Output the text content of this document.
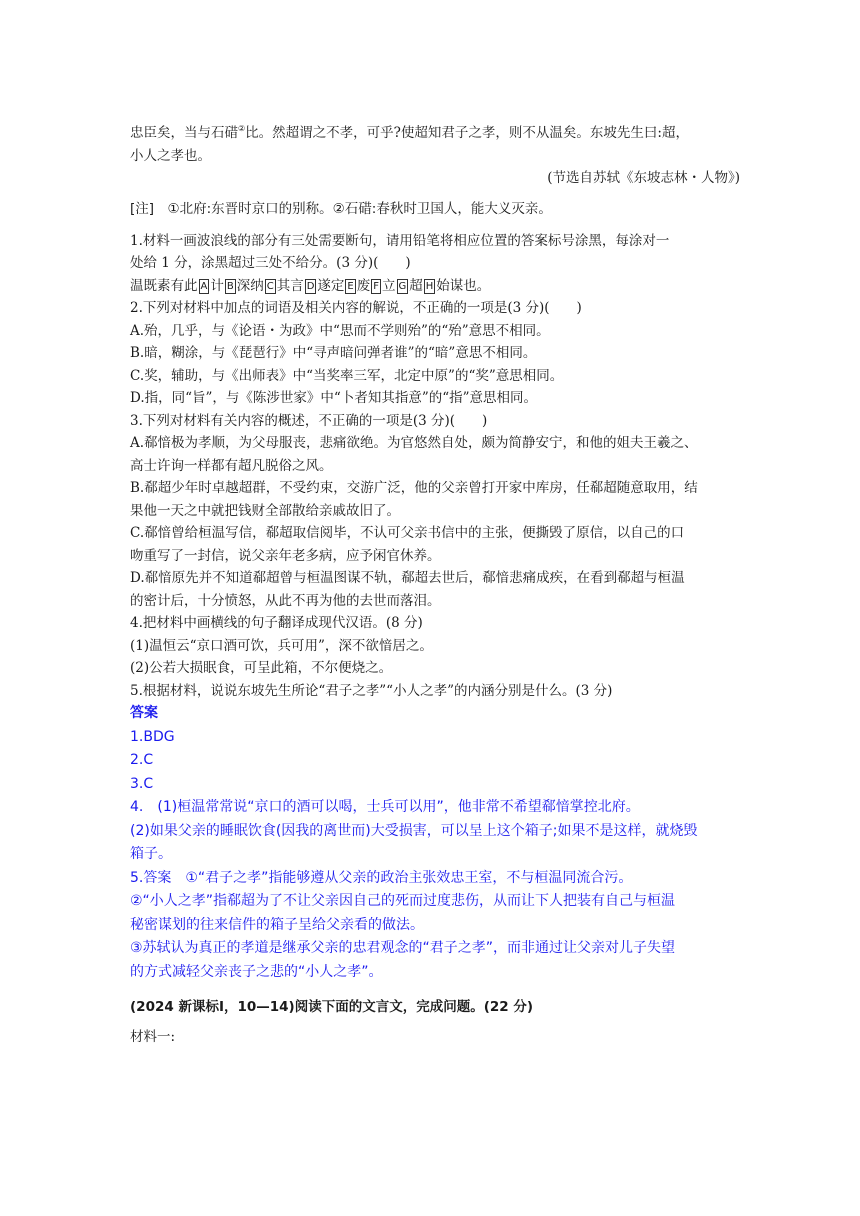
忠臣矣，当与石碏②比。然超谓之不孝，可乎?使超知君子之孝，则不从温矣。东坡先生曰:超，
小人之孝也。
(节选自苏轼《东坡志林・人物》)
[注]　①北府:东晋时京口的别称。②石碏:春秋时卫国人，能大义灭亲。
1.材料一画波浪线的部分有三处需要断句，请用铅笔将相应位置的答案标号涂黑，每涂对一
处给 1 分，涂黑超过三处不给分。(3 分)(　　)
温既素有此 A 计 B 深纳 C 其言 D 遂定 E 废 F 立 G 超 H 始谋也。
2.下列对材料中加点的词语及相关内容的解说，不正确的一项是(3 分)(　　)
A.殆，几乎，与《论语・为政》中“思而不学则殆”的“殆”意思不相同。
B.暗，糊涂，与《琵琶行》中“寻声暗问弹者谁”的“暗”意思不相同。
C.奖，辅助，与《出师表》中“当奖率三军，北定中原”的“奖”意思相同。
D.指，同“旨”，与《陈涉世家》中“卜者知其指意”的“指”意思相同。
3.下列对材料有关内容的概述，不正确的一项是(3 分)(　　)
A.郗愔极为孝顺，为父母服丧，悲痛欲绝。为官悠然自处，颇为简静安宁，和他的姐夫王羲之、
高士许询一样都有超凡脱俗之风。
B.郗超少年时卓越超群，不受约束，交游广泛，他的父亲曾打开家中库房，任郗超随意取用，结
果他一天之中就把钱财全部散给亲戚故旧了。
C.郗愔曾给桓温写信，郗超取信阅毕，不认可父亲书信中的主张，便撕毁了原信，以自己的口
吻重写了一封信，说父亲年老多病，应予闲官休养。
D.郗愔原先并不知道郗超曾与桓温图谋不轨，郗超去世后，郗愔悲痛成疾，在看到郗超与桓温
的密计后，十分愤怒，从此不再为他的去世而落泪。
4.把材料中画横线的句子翻译成现代汉语。(8 分)
(1)温恒云“京口酒可饮，兵可用”，深不欲愔居之。
(2)公若大损眠食，可呈此箱，不尔便烧之。
5.根据材料，说说东坡先生所论“君子之孝”“小人之孝”的内涵分别是什么。(3 分)
答案
1.BDG
2.C
3.C
4.　(1)桓温常常说“京口的酒可以喝，士兵可以用”，他非常不希望郗愔掌控北府。
(2)如果父亲的睡眠饮食(因我的离世而)大受损害，可以呈上这个箱子;如果不是这样，就烧毁
箱子。
5.答案　①“君子之孝”指能够遵从父亲的政治主张效忠王室，不与桓温同流合污。
②“小人之孝”指郗超为了不让父亲因自己的死而过度悲伤，从而让下人把装有自己与桓温
秘密谋划的往来信件的箱子呈给父亲看的做法。
③苏轼认为真正的孝道是继承父亲的忠君观念的“君子之孝”，而非通过让父亲对儿子失望
的方式减轻父亲丧子之悲的“小人之孝”。
(2024 新课标Ⅰ，10—14)阅读下面的文言文，完成问题。(22 分)
材料一:
